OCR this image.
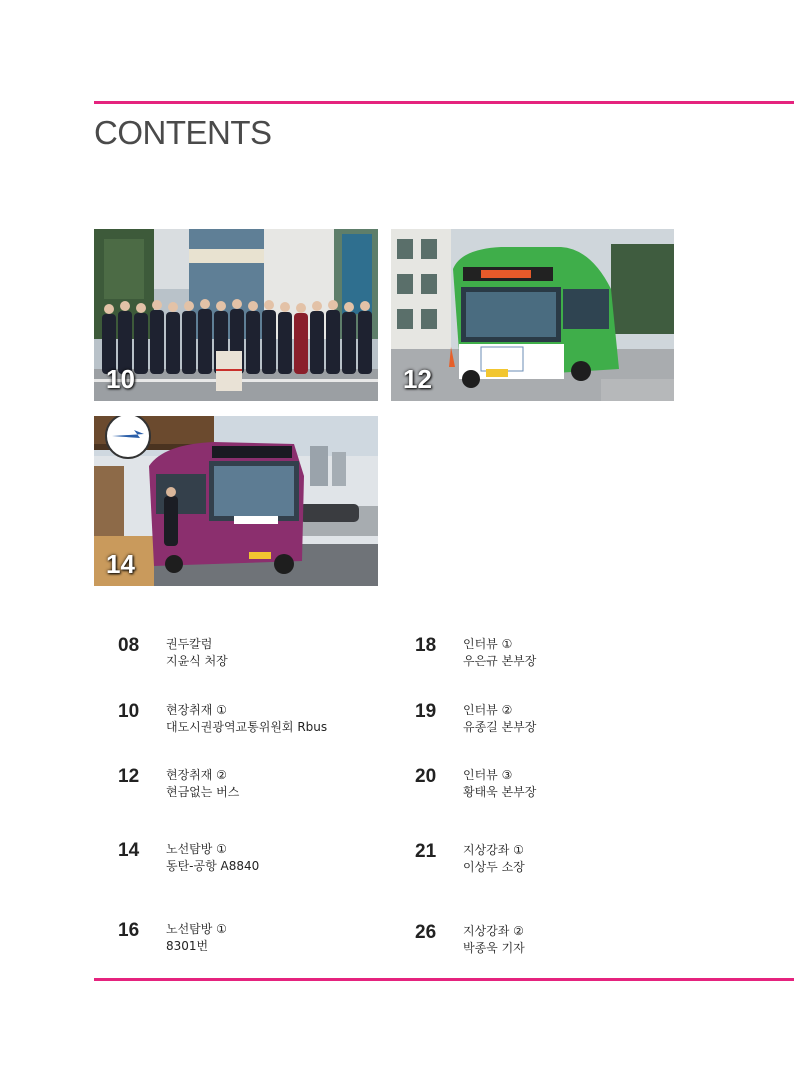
CONTENTS
10	12
14
08 권두칼럼
지윤식 처장
10 현장취재 ①
대도시권광역교통위원회 Rbus
12 현장취재 ②
현금없는 버스
14 노선탐방 ①
동탄-공항 A8840
16 노선탐방 ①
8301번
18 인터뷰 ①
우은규 본부장
19 인터뷰 ②
유종길 본부장
20 인터뷰 ③
황태욱 본부장
21 지상강좌 ①
이상두 소장
26 지상강좌 ②
박종욱 기자
